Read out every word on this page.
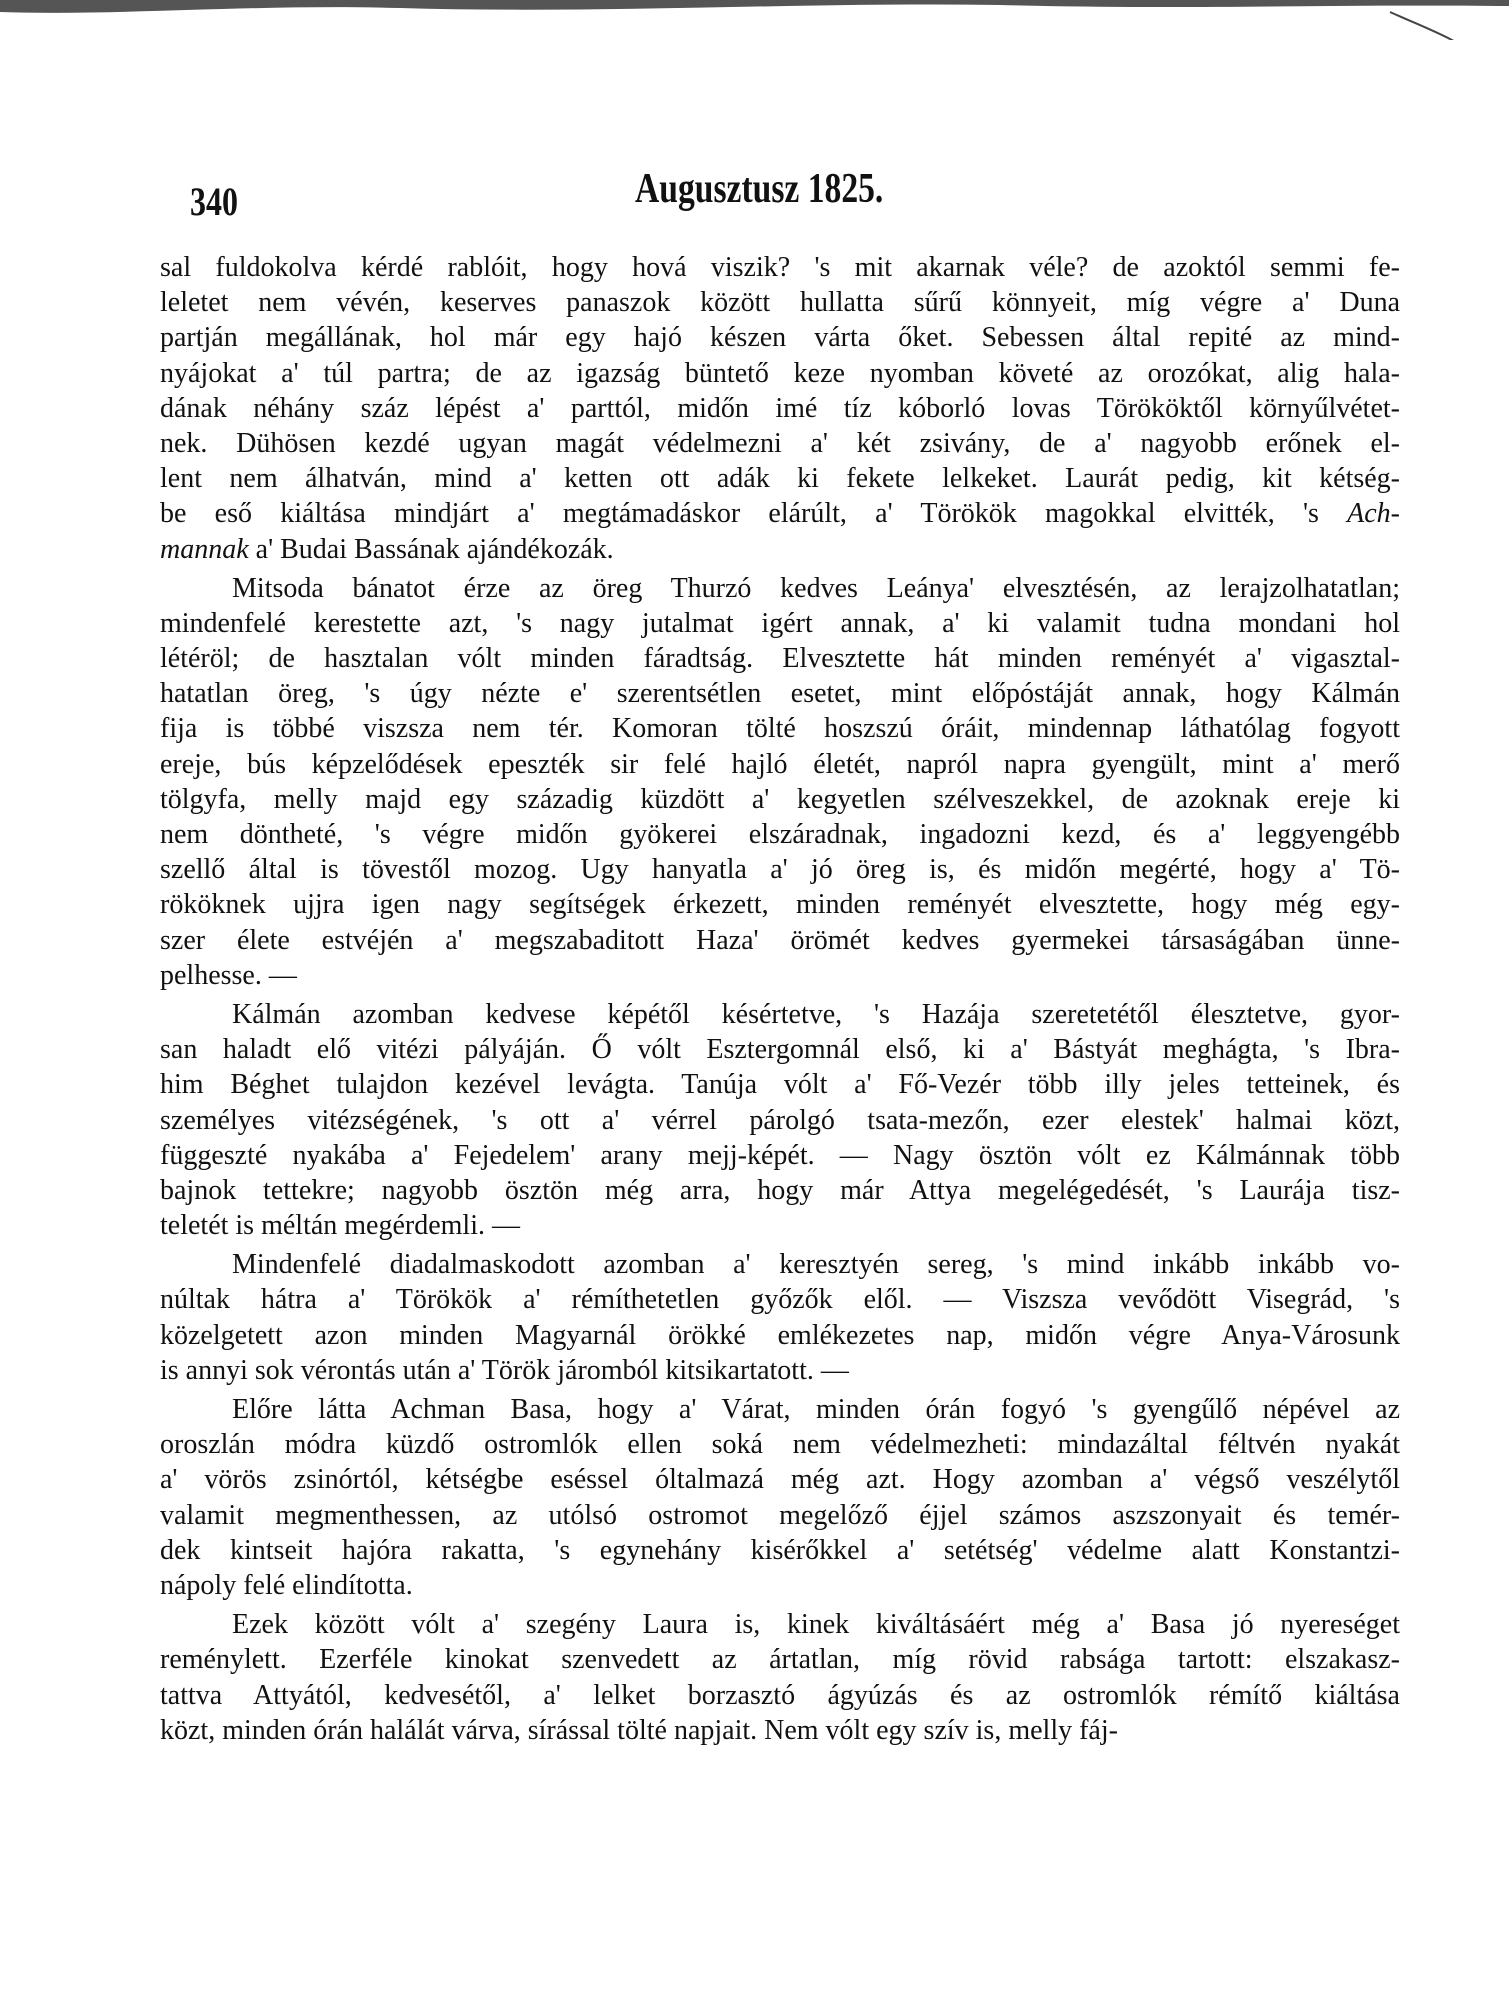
340	Augusztusz 1825.
sal fuldokolva kérdé rablóit, hogy hová viszik? 's mit akarnak véle? de azoktól semmi fe-
leletet nem vévén, keserves panaszok között hullatta sűrű könnyeit, míg végre a' Duna
partján megállának, hol már egy hajó készen várta őket. Sebessen által repité az mind-
nyájokat a' túl partra; de az igazság büntető keze nyomban követé az orozókat, alig hala-
dának néhány száz lépést a' parttól, midőn imé tíz kóborló lovas Törököktől környűlvétet-
nek. Dühösen kezdé ugyan magát védelmezni a' két zsivány, de a' nagyobb erőnek el-
lent nem álhatván, mind a' ketten ott adák ki fekete lelkeket. Laurát pedig, kit kétség-
be eső kiáltása mindjárt a' megtámadáskor elárúlt, a' Törökök magokkal elvitték, 's Ach-
mannak a' Budai Bassának ajándékozák.
Mitsoda bánatot érze az öreg Thurzó kedves Leánya' elvesztésén, az lerajzolhatatlan;
mindenfelé kerestette azt, 's nagy jutalmat igért annak, a' ki valamit tudna mondani hol
létéröl; de hasztalan vólt minden fáradtság. Elvesztette hát minden reményét a' vigasztal-
hatatlan öreg, 's úgy nézte e' szerentsétlen esetet, mint előpóstáját annak, hogy Kálmán
fija is többé viszsza nem tér. Komoran tölté hoszszú óráit, mindennap láthatólag fogyott
ereje, bús képzelődések epeszték sir felé hajló életét, napról napra gyengült, mint a' merő
tölgyfa, melly majd egy századig küzdött a' kegyetlen szélveszekkel, de azoknak ereje ki
nem döntheté, 's végre midőn gyökerei elszáradnak, ingadozni kezd, és a' leggyengébb
szellő által is tövestől mozog. Ugy hanyatla a' jó öreg is, és midőn megérté, hogy a' Tö-
rököknek ujjra igen nagy segítségek érkezett, minden reményét elvesztette, hogy még egy-
szer élete estvéjén a' megszabaditott Haza' örömét kedves gyermekei társaságában ünne-
pelhesse. —
Kálmán azomban kedvese képétől késértetve, 's Hazája szeretetétől élesztetve, gyor-
san haladt elő vitézi pályáján. Ő vólt Esztergomnál első, ki a' Bástyát meghágta, 's Ibra-
him Béghet tulajdon kezével levágta. Tanúja vólt a' Fő-Vezér több illy jeles tetteinek, és
személyes vitézségének, 's ott a' vérrel párolgó tsata-mezőn, ezer elestek' halmai közt,
függeszté nyakába a' Fejedelem' arany mejj-képét. — Nagy ösztön vólt ez Kálmánnak több
bajnok tettekre; nagyobb ösztön még arra, hogy már Attya megelégedését, 's Laurája tisz-
teletét is méltán megérdemli. —
Mindenfelé diadalmaskodott azomban a' keresztyén sereg, 's mind inkább inkább vo-
núltak hátra a' Törökök a' rémíthetetlen győzők elől. — Viszsza vevődött Visegrád, 's
közelgetett azon minden Magyarnál örökké emlékezetes nap, midőn végre Anya-Városunk
is annyi sok vérontás után a' Török járomból kitsikartatott. —
Előre látta Achman Basa, hogy a' Várat, minden órán fogyó 's gyengűlő népével az
oroszlán módra küzdő ostromlók ellen soká nem védelmezheti: mindazáltal féltvén nyakát
a' vörös zsinórtól, kétségbe eséssel óltalmazá még azt. Hogy azomban a' végső veszélytől
valamit megmenthessen, az utólsó ostromot megelőző éjjel számos aszszonyait és temér-
dek kintseit hajóra rakatta, 's egynehány kisérőkkel a' setétség' védelme alatt Konstantzi-
nápoly felé elindította.
Ezek között vólt a' szegény Laura is, kinek kiváltásáért még a' Basa jó nyereséget
reménylett. Ezerféle kinokat szenvedett az ártatlan, míg rövid rabsága tartott: elszakasz-
tattva Attyától, kedvesétől, a' lelket borzasztó ágyúzás és az ostromlók rémítő kiáltása
közt, minden órán halálát várva, sírással tölté napjait. Nem vólt egy szív is, melly fáj-
